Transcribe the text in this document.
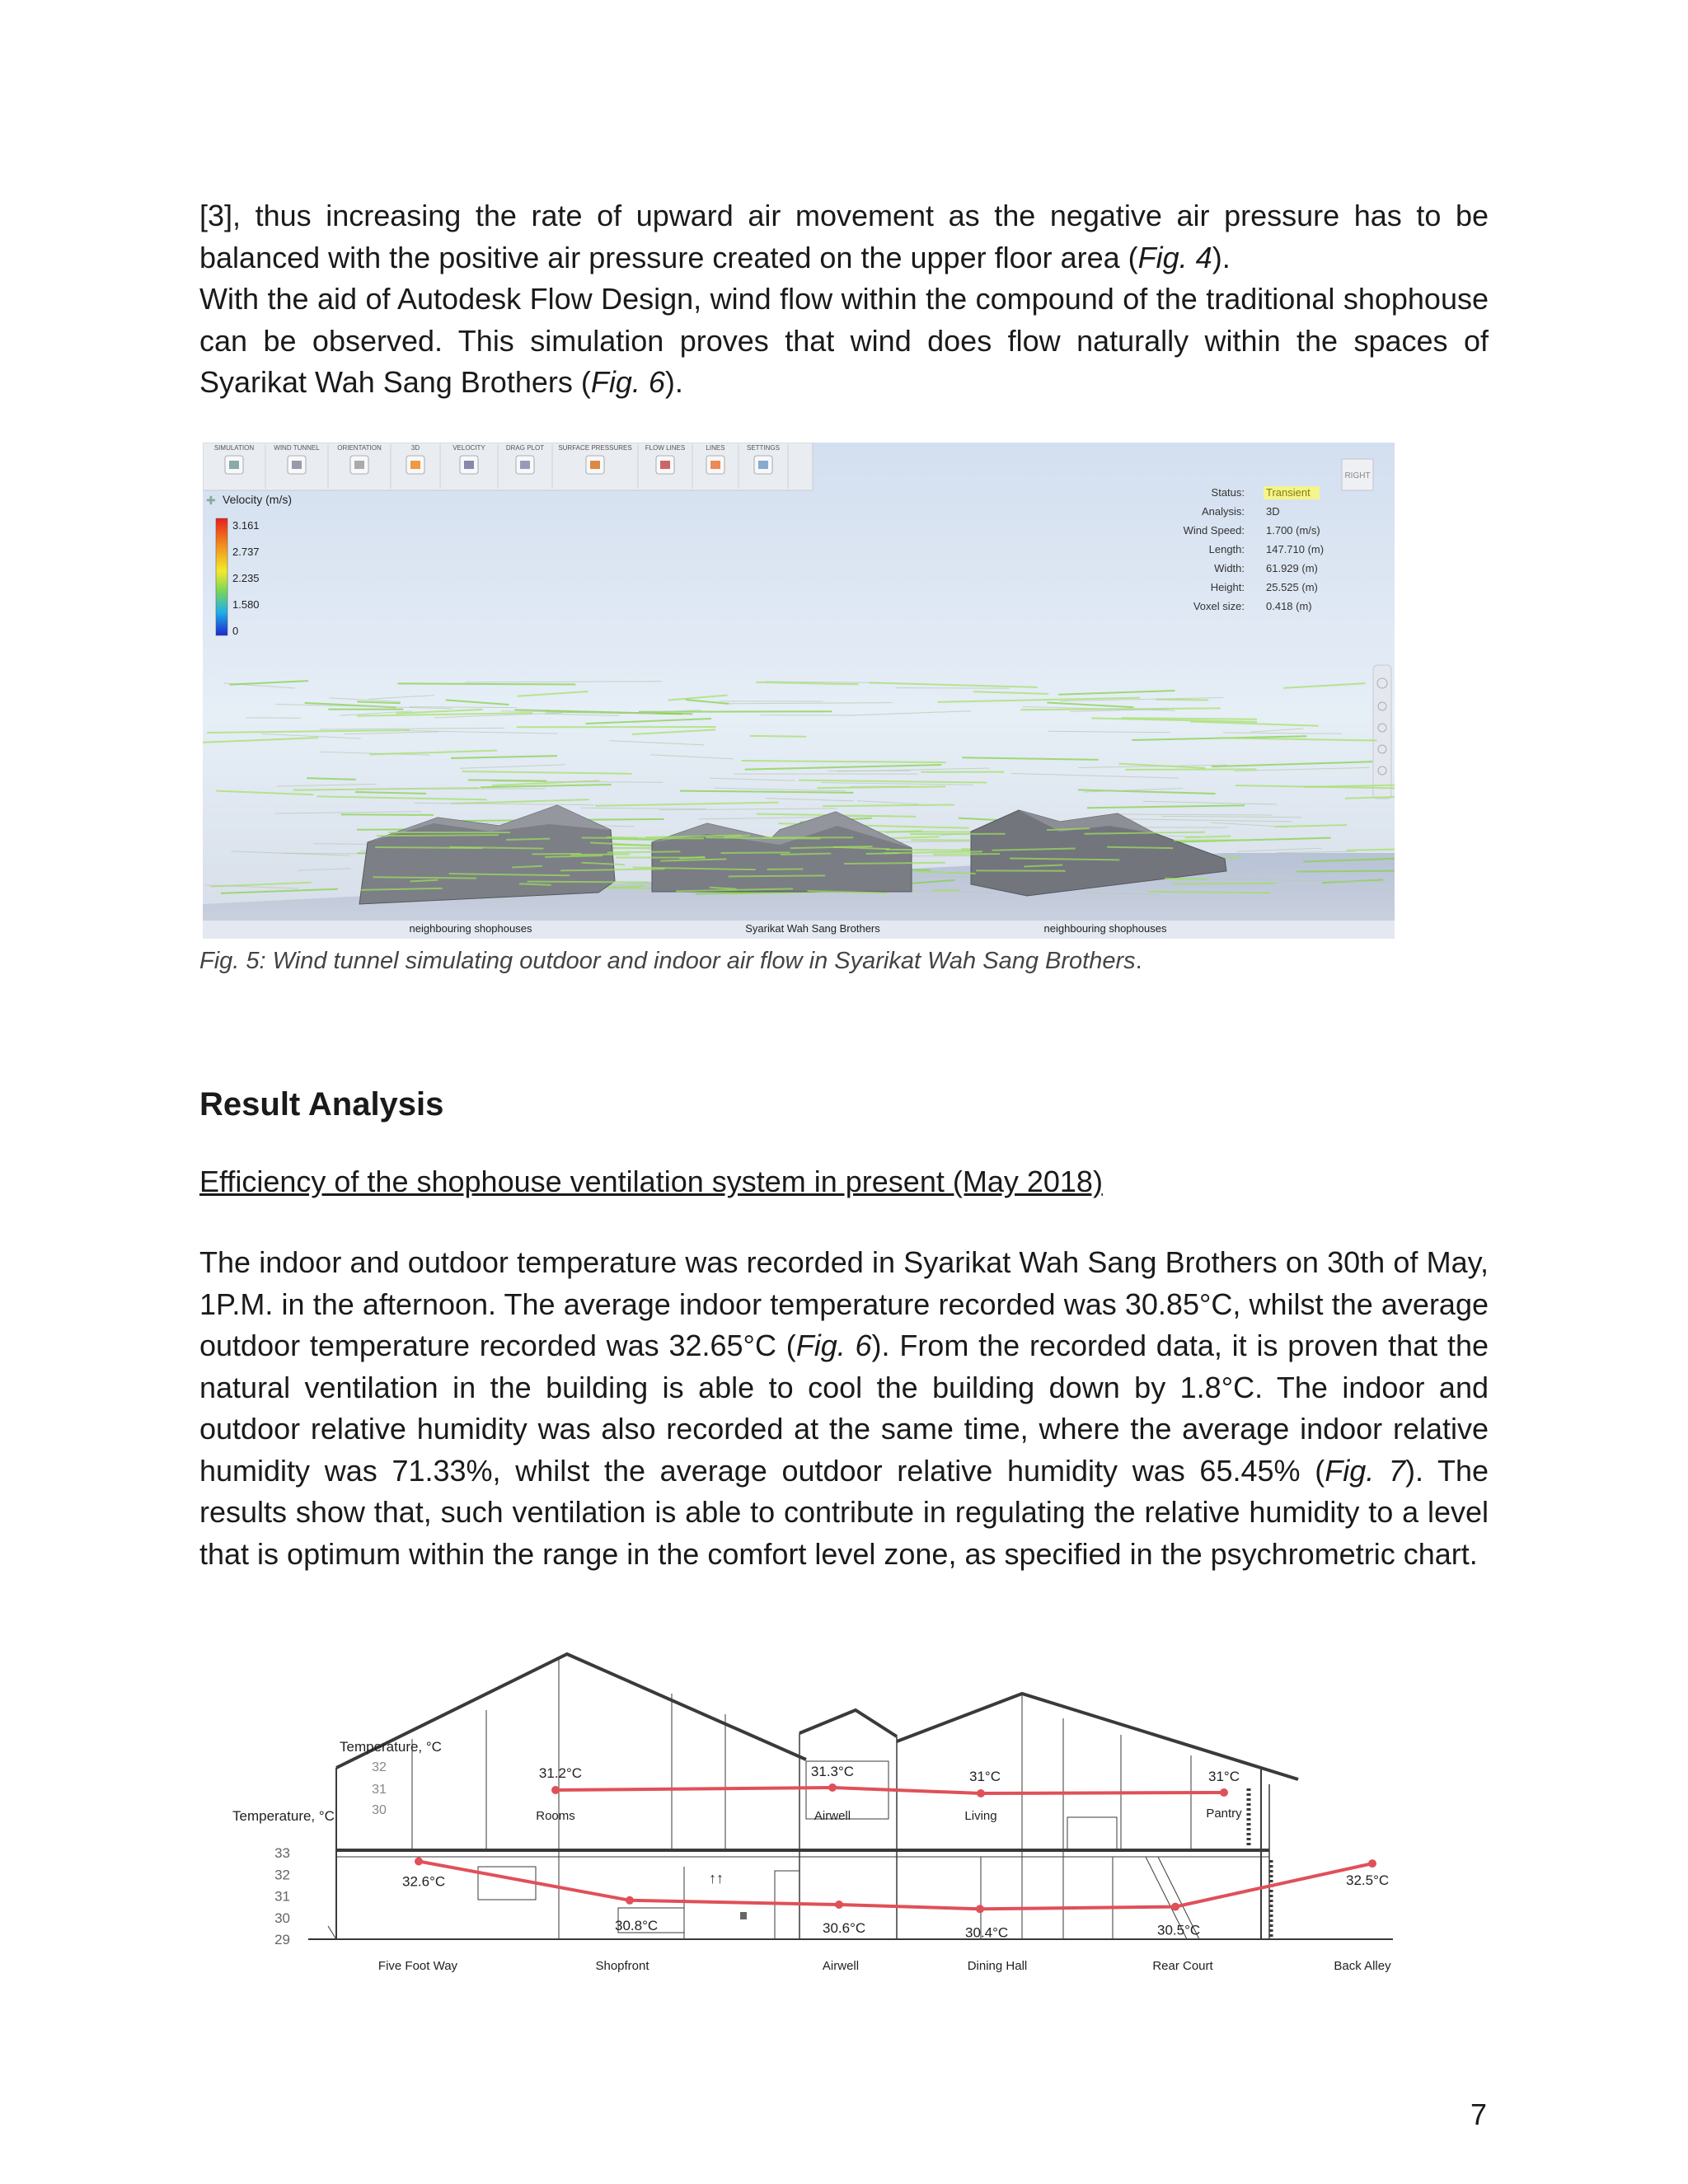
[3], thus increasing the rate of upward air movement as the negative air pressure has to be balanced with the positive air pressure created on the upper floor area (Fig. 4).

With the aid of Autodesk Flow Design, wind flow within the compound of the traditional shophouse can be observed. This simulation proves that wind does flow naturally within the spaces of Syarikat Wah Sang Brothers (Fig. 6).

SIMULATION	WIND TUNNEL	ORIENTATION	3D	VELOCITY	DRAG PLOT SURFACE PRESSURES FLOW LINES	LINES	SETTINGS
✚ Velocity (m/s)
3.161
2.737
2.235
1.580
0
Status: Transient
Analysis: 3D
Wind Speed: 1.700 (m/s)
Length: 147.710 (m)
Width: 61.929 (m)
Height: 25.525 (m)
Voxel size: 0.418 (m)
RIGHT
neighbouring shophouses	Syarikat Wah Sang Brothers	neighbouring shophouses

Fig. 5: Wind tunnel simulating outdoor and indoor air flow in Syarikat Wah Sang Brothers.

Result Analysis

Efficiency of the shophouse ventilation system in present (May 2018)

The indoor and outdoor temperature was recorded in Syarikat Wah Sang Brothers on 30th of May, 1P.M. in the afternoon. The average indoor temperature recorded was 30.85°C, whilst the average outdoor temperature recorded was 32.65°C (Fig. 6). From the recorded data, it is proven that the natural ventilation in the building is able to cool the building down by 1.8°C. The indoor and outdoor relative humidity was also recorded at the same time, where the average indoor relative humidity was 71.33%, whilst the average outdoor relative humidity was 65.45% (Fig. 7). The results show that, such ventilation is able to contribute in regulating the relative humidity to a level that is optimum within the range in the comfort level zone, as specified in the psychrometric chart.

↑↑
Temperature, °C
32
31
30
31.2°C
Rooms
31.3°C
Airwell
31°C
Living
31°C
Pantry
Temperature, °C
33
32
31
30
29
32.6°C
30.8°C	30.6°C	30.4°C	30.5°C
32.5°C
Five Foot Way	Shopfront	Airwell	Dining Hall	Rear Court	Back Alley

7
